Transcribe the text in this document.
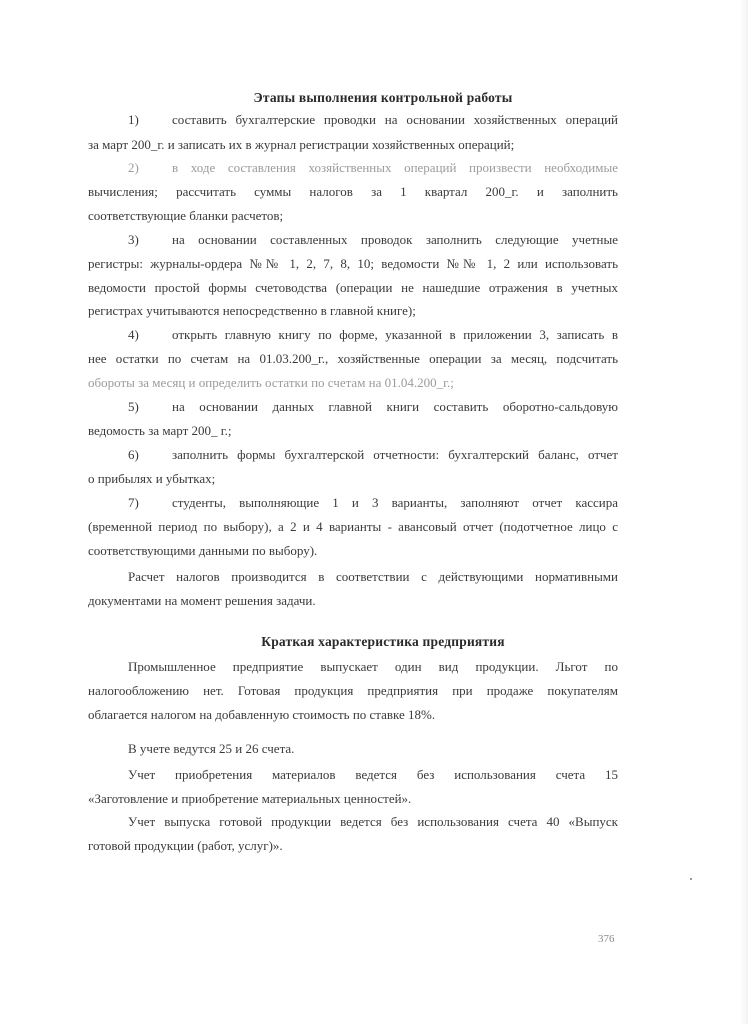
Этапы выполнения контрольной работы
1)	составить бухгалтерские проводки на основании хозяйственных операций
за март 200_г. и записать их в журнал регистрации хозяйственных операций;
2)	в ходе составления хозяйственных операций произвести необходимые
вычисления; рассчитать суммы налогов за 1 квартал 200_г. и заполнить
соответствующие бланки расчетов;
3)	на основании составленных проводок заполнить следующие учетные
регистры: журналы-ордера №№ 1, 2, 7, 8, 10; ведомости №№ 1, 2 или использовать
ведомости простой формы счетоводства (операции не нашедшие отражения в учетных
регистрах учитываются непосредственно в главной книге);
4)	открыть главную книгу по форме, указанной в приложении 3, записать в
нее остатки по счетам на 01.03.200_г., хозяйственные операции за месяц, подсчитать
обороты за месяц и определить остатки по счетам на 01.04.200_г.;
5)	на основании данных главной книги составить оборотно-сальдовую
ведомость за март 200_ г.;
6)	заполнить формы бухгалтерской отчетности: бухгалтерский баланс, отчет
о прибылях и убытках;
7)	студенты, выполняющие 1 и 3 варианты, заполняют отчет кассира
(временной период по выбору), а 2 и 4 варианты - авансовый отчет (подотчетное лицо с
соответствующими данными по выбору).
Расчет налогов производится в соответствии с действующими нормативными
документами на момент решения задачи.
Краткая характеристика предприятия
Промышленное предприятие выпускает один вид продукции. Льгот по
налогообложению нет. Готовая продукция предприятия при продаже покупателям
облагается налогом на добавленную стоимость по ставке 18%.
В учете ведутся 25 и 26 счета.
Учет приобретения материалов ведется без использования счета 15
«Заготовление и приобретение материальных ценностей».
Учет выпуска готовой продукции ведется без использования счета 40 «Выпуск
готовой продукции (работ, услуг)».
376
